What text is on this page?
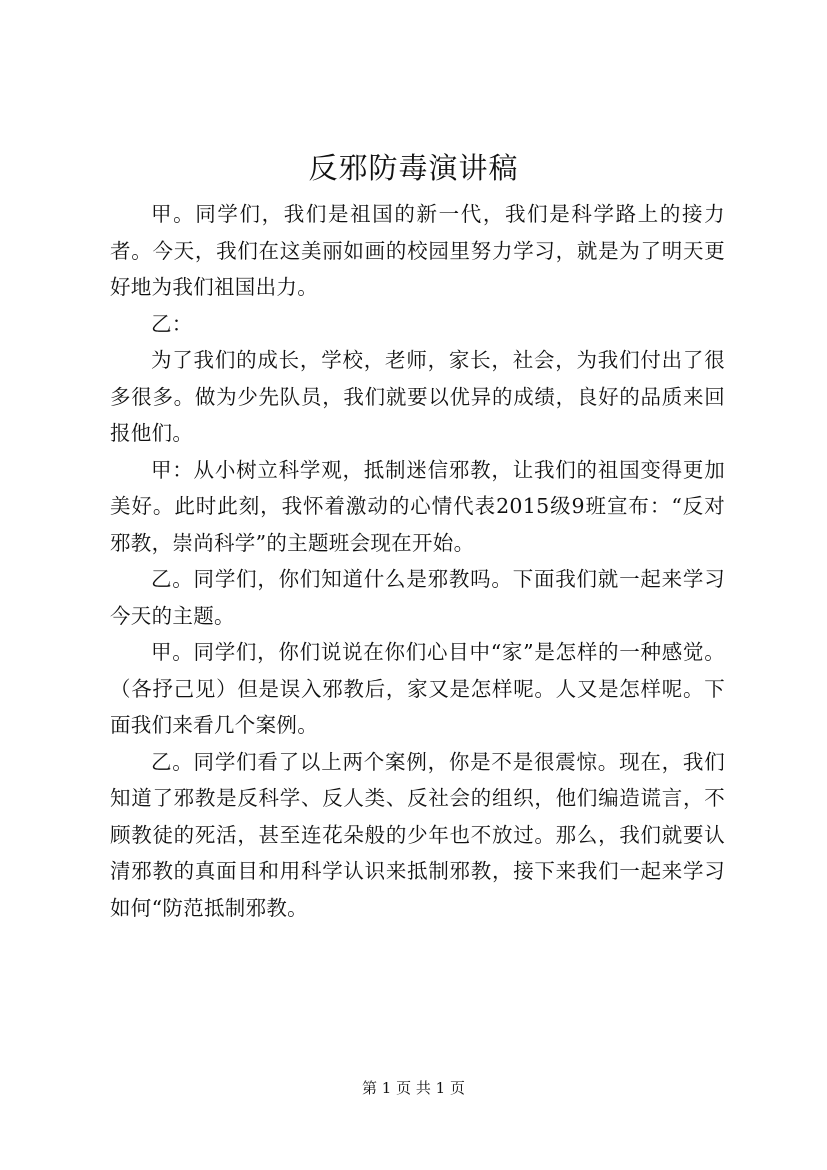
反邪防毒演讲稿

甲。同学们，我们是祖国的新一代，我们是科学路上的接力者。今天，我们在这美丽如画的校园里努力学习，就是为了明天更好地为我们祖国出力。

乙：

为了我们的成长，学校，老师，家长，社会，为我们付出了很多很多。做为少先队员，我们就要以优异的成绩，良好的品质来回报他们。

甲：从小树立科学观，抵制迷信邪教，让我们的祖国变得更加美好。此时此刻，我怀着激动的心情代表2015级9班宣布：“反对邪教，崇尚科学”的主题班会现在开始。

乙。同学们，你们知道什么是邪教吗。下面我们就一起来学习今天的主题。

甲。同学们，你们说说在你们心目中“家”是怎样的一种感觉。（各抒己见）但是误入邪教后，家又是怎样呢。人又是怎样呢。下面我们来看几个案例。

乙。同学们看了以上两个案例，你是不是很震惊。现在，我们知道了邪教是反科学、反人类、反社会的组织，他们编造谎言，不顾教徒的死活，甚至连花朵般的少年也不放过。那么，我们就要认清邪教的真面目和用科学认识来抵制邪教，接下来我们一起来学习如何“防范抵制邪教。

第 1 页 共 1 页
